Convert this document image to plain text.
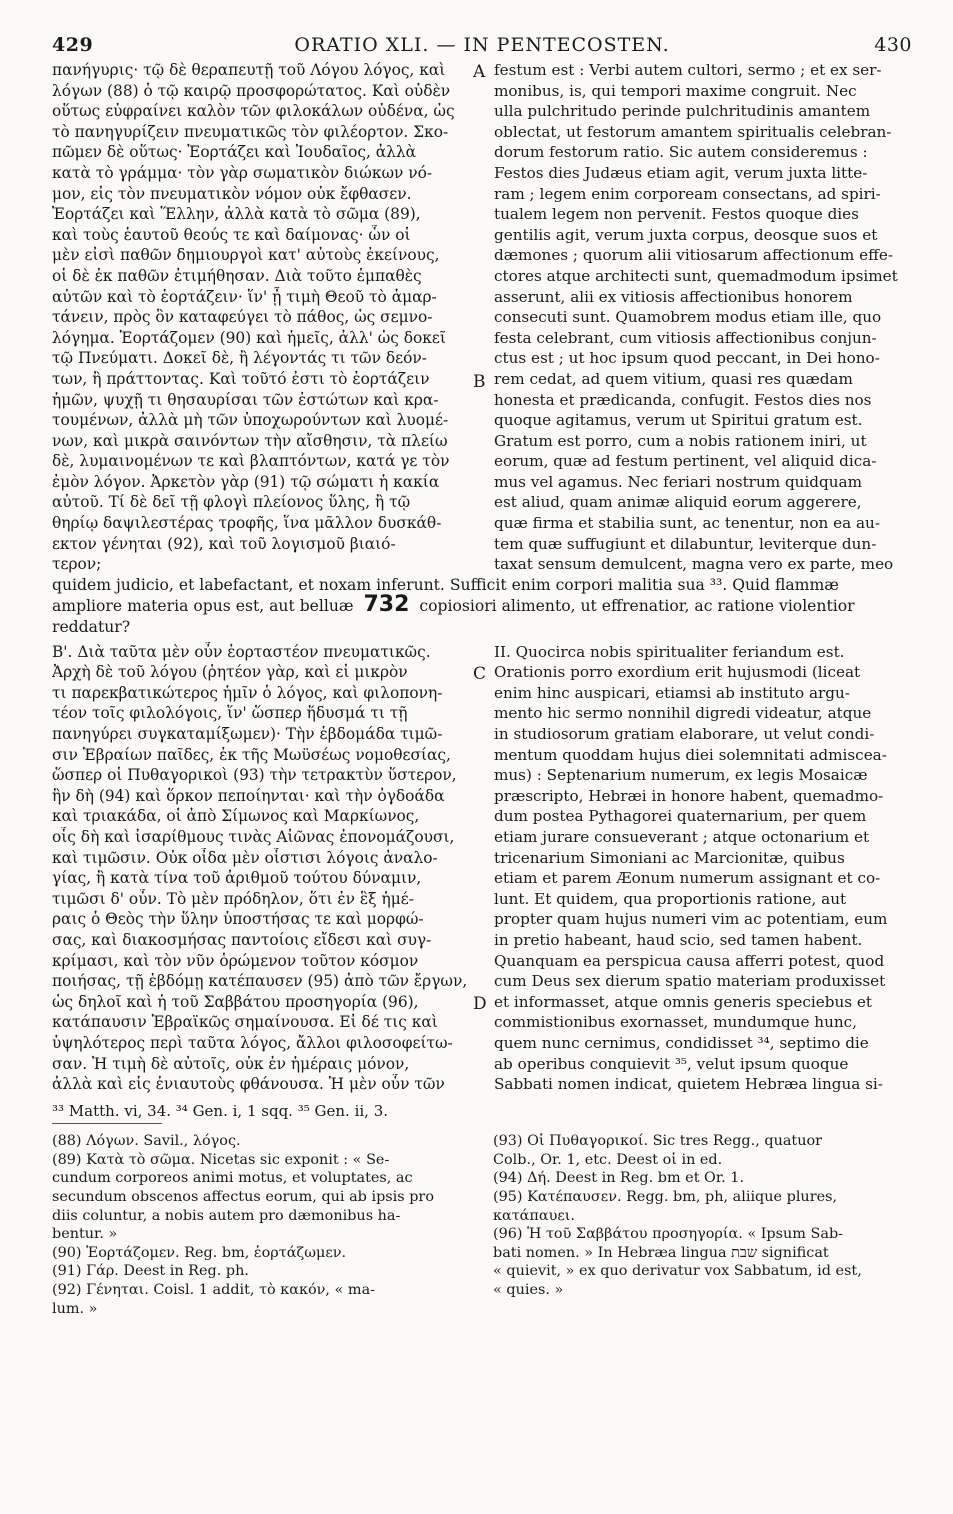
429	ORATIO XLI. — IN PENTECOSTEN.	430
πανήγυρις· τῷ δὲ θεραπευτῇ τοῦ Λόγου λόγος, καὶ
λόγων (88) ὁ τῷ καιρῷ προσφορώτατος. Καὶ οὐδὲν
οὕτως εὐφραίνει καλὸν τῶν φιλοκάλων οὐδένα, ὡς
τὸ πανηγυρίζειν πνευματικῶς τὸν φιλέορτον. Σκο-
πῶμεν δὲ οὕτως· Ἑορτάζει καὶ Ἰουδαῖος, ἀλλὰ
κατὰ τὸ γράμμα· τὸν γὰρ σωματικὸν διώκων νό-
μον, εἰς τὸν πνευματικὸν νόμον οὐκ ἔφθασεν.
Ἑορτάζει καὶ Ἕλλην, ἀλλὰ κατὰ τὸ σῶμα (89),
καὶ τοὺς ἑαυτοῦ θεούς τε καὶ δαίμονας· ὧν οἱ
μὲν εἰσὶ παθῶν δημιουργοὶ κατ' αὐτοὺς ἐκείνους,
οἱ δὲ ἐκ παθῶν ἐτιμήθησαν. Διὰ τοῦτο ἐμπαθὲς
αὐτῶν καὶ τὸ ἑορτάζειν· ἵν' ᾖ τιμὴ Θεοῦ τὸ ἁμαρ-
τάνειν, πρὸς ὃν καταφεύγει τὸ πάθος, ὡς σεμνο-
λόγημα. Ἑορτάζομεν (90) καὶ ἡμεῖς, ἀλλ' ὡς δοκεῖ
τῷ Πνεύματι. Δοκεῖ δὲ, ἢ λέγοντάς τι τῶν δεόν-
των, ἢ πράττοντας. Καὶ τοῦτό ἐστι τὸ ἑορτάζειν
ἡμῶν, ψυχῇ τι θησαυρίσαι τῶν ἑστώτων καὶ κρα-
τουμένων, ἀλλὰ μὴ τῶν ὑποχωρούντων καὶ λυομέ-
νων, καὶ μικρὰ σαινόντων τὴν αἴσθησιν, τὰ πλείω
δὲ, λυμαινομένων τε καὶ βλαπτόντων, κατά γε τὸν
ἐμὸν λόγον. Ἀρκετὸν γὰρ (91) τῷ σώματι ἡ κακία
αὐτοῦ. Τί δὲ δεῖ τῇ φλογὶ πλείονος ὕλης, ἢ τῷ
θηρίῳ δαψιλεστέρας τροφῆς, ἵνα μᾶλλον δυσκάθ-
εκτον γένηται (92), καὶ τοῦ λογισμοῦ βιαιό-
τερον;
A
B
festum est : Verbi autem cultori, sermo ; et ex ser-
monibus, is, qui tempori maxime congruit. Nec
ulla pulchritudo perinde pulchritudinis amantem
oblectat, ut festorum amantem spiritualis celebran-
dorum festorum ratio. Sic autem consideremus :
Festos dies Judæus etiam agit, verum juxta litte-
ram ; legem enim corpoream consectans, ad spiri-
tualem legem non pervenit. Festos quoque dies
gentilis agit, verum juxta corpus, deosque suos et
dæmones ; quorum alii vitiosarum affectionum effe-
ctores atque architecti sunt, quemadmodum ipsimet
asserunt, alii ex vitiosis affectionibus honorem
consecuti sunt. Quamobrem modus etiam ille, quo
festa celebrant, cum vitiosis affectionibus conjun-
ctus est ; ut hoc ipsum quod peccant, in Dei hono-
rem cedat, ad quem vitium, quasi res quædam
honesta et prædicanda, confugit. Festos dies nos
quoque agitamus, verum ut Spiritui gratum est.
Gratum est porro, cum a nobis rationem iniri, ut
eorum, quæ ad festum pertinent, vel aliquid dica-
mus vel agamus. Nec feriari nostrum quidquam
est aliud, quam animæ aliquid eorum aggerere,
quæ firma et stabilia sunt, ac tenentur, non ea au-
tem quæ suffugiunt et dilabuntur, leviterque dun-
taxat sensum demulcent, magna vero ex parte, meo
quidem judicio, et labefactant, et noxam inferunt. Sufficit enim corpori malitia sua ³³. Quid flammæ
ampliore materia opus est, aut belluæ 732 copiosiori alimento, ut effrenatior, ac ratione violentior
reddatur?
Β'. Διὰ ταῦτα μὲν οὖν ἑορταστέον πνευματικῶς.
Ἀρχὴ δὲ τοῦ λόγου (ῥητέον γὰρ, καὶ εἰ μικρὸν
τι παρεκβατικώτερος ἡμῖν ὁ λόγος, καὶ φιλοπονη-
τέον τοῖς φιλολόγοις, ἵν' ὥσπερ ἥδυσμά τι τῇ
πανηγύρει συγκαταμίξωμεν)· Τὴν ἑβδομάδα τιμῶ-
σιν Ἑβραίων παῖδες, ἐκ τῆς Μωϋσέως νομοθεσίας,
ὥσπερ οἱ Πυθαγορικοὶ (93) τὴν τετρακτὺν ὕστερον,
ἣν δὴ (94) καὶ ὅρκον πεποίηνται· καὶ τὴν ὀγδοάδα
καὶ τριακάδα, οἱ ἀπὸ Σίμωνος καὶ Μαρκίωνος,
οἷς δὴ καὶ ἰσαρίθμους τινὰς Αἰῶνας ἐπονομάζουσι,
καὶ τιμῶσιν. Οὐκ οἶδα μὲν οἷστισι λόγοις ἀναλο-
γίας, ἢ κατὰ τίνα τοῦ ἀριθμοῦ τούτου δύναμιν,
τιμῶσι δ' οὖν. Τὸ μὲν πρόδηλον, ὅτι ἐν ἓξ ἡμέ-
ραις ὁ Θεὸς τὴν ὕλην ὑποστήσας τε καὶ μορφώ-
σας, καὶ διακοσμήσας παντοίοις εἴδεσι καὶ συγ-
κρίμασι, καὶ τὸν νῦν ὁρώμενον τοῦτον κόσμον
ποιήσας, τῇ ἑβδόμῃ κατέπαυσεν (95) ἀπὸ τῶν ἔργων,
ὡς δηλοῖ καὶ ἡ τοῦ Σαββάτου προσηγορία (96),
κατάπαυσιν Ἑβραϊκῶς σημαίνουσα. Εἰ δέ τις καὶ
ὑψηλότερος περὶ ταῦτα λόγος, ἄλλοι φιλοσοφείτω-
σαν. Ἡ τιμὴ δὲ αὐτοῖς, οὐκ ἐν ἡμέραις μόνον,
ἀλλὰ καὶ εἰς ἐνιαυτοὺς φθάνουσα. Ἡ μὲν οὖν τῶν
C
D
II. Quocirca nobis spiritualiter feriandum est.
Orationis porro exordium erit hujusmodi (liceat
enim hinc auspicari, etiamsi ab instituto argu-
mento hic sermo nonnihil digredi videatur, atque
in studiosorum gratiam elaborare, ut velut condi-
mentum quoddam hujus diei solemnitati admiscea-
mus) : Septenarium numerum, ex legis Mosaicæ
præscripto, Hebræi in honore habent, quemadmo-
dum postea Pythagorei quaternarium, per quem
etiam jurare consueverant ; atque octonarium et
tricenarium Simoniani ac Marcionitæ, quibus
etiam et parem Æonum numerum assignant et co-
lunt. Et quidem, qua proportionis ratione, aut
propter quam hujus numeri vim ac potentiam, eum
in pretio habeant, haud scio, sed tamen habent.
Quanquam ea perspicua causa afferri potest, quod
cum Deus sex dierum spatio materiam produxisset
et informasset, atque omnis generis speciebus et
commistionibus exornasset, mundumque hunc,
quem nunc cernimus, condidisset ³⁴, septimo die
ab operibus conquievit ³⁵, velut ipsum quoque
Sabbati nomen indicat, quietem Hebræa lingua si-
³³ Matth. vi, 34. ³⁴ Gen. i, 1 sqq. ³⁵ Gen. ii, 3.
(88) Λόγων. Savil., λόγος.
(89) Κατὰ τὸ σῶμα. Nicetas sic exponit : « Se-
cundum corporeos animi motus, et voluptates, ac
secundum obscenos affectus eorum, qui ab ipsis pro
diis coluntur, a nobis autem pro dæmonibus ha-
bentur. »
(90) Ἑορτάζομεν. Reg. bm, ἑορτάζωμεν.
(91) Γάρ. Deest in Reg. ph.
(92) Γένηται. Coisl. 1 addit, τὸ κακόν, « ma-
lum. »
(93) Οἱ Πυθαγορικοί. Sic tres Regg., quatuor
Colb., Or. 1, etc. Deest οἱ in ed.
(94) Δή. Deest in Reg. bm et Or. 1.
(95) Κατέπαυσεν. Regg. bm, ph, aliique plures,
κατάπαυει.
(96) Ἡ τοῦ Σαββάτου προσηγορία. « Ipsum Sab-
bati nomen. » In Hebræa lingua שבת significat
« quievit, » ex quo derivatur vox Sabbatum, id est,
« quies. »
